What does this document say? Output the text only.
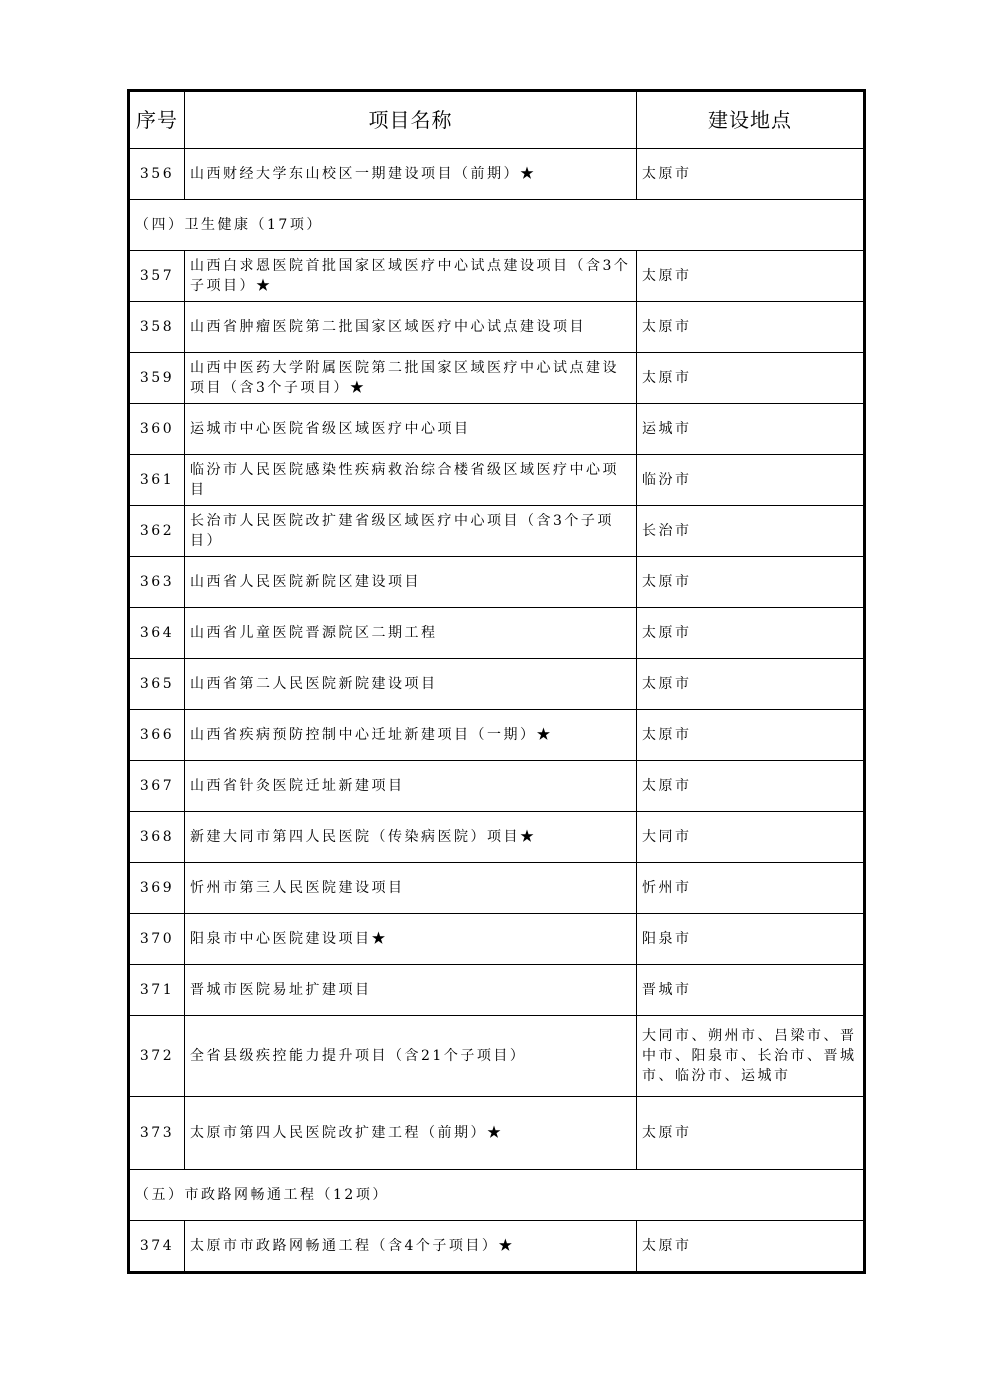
序号	项目名称	建设地点
356	山西财经大学东山校区一期建设项目（前期）★	太原市
（四）卫生健康（17项）		
357	山西白求恩医院首批国家区域医疗中心试点建设项目（含3个子项目）★	太原市
358	山西省肿瘤医院第二批国家区域医疗中心试点建设项目	太原市
359	山西中医药大学附属医院第二批国家区域医疗中心试点建设项目（含3个子项目）★	太原市
360	运城市中心医院省级区域医疗中心项目	运城市
361	临汾市人民医院感染性疾病救治综合楼省级区域医疗中心项目	临汾市
362	长治市人民医院改扩建省级区域医疗中心项目（含3个子项目）	长治市
363	山西省人民医院新院区建设项目	太原市
364	山西省儿童医院晋源院区二期工程	太原市
365	山西省第二人民医院新院建设项目	太原市
366	山西省疾病预防控制中心迁址新建项目（一期）★	太原市
367	山西省针灸医院迁址新建项目	太原市
368	新建大同市第四人民医院（传染病医院）项目★	大同市
369	忻州市第三人民医院建设项目	忻州市
370	阳泉市中心医院建设项目★	阳泉市
371	晋城市医院易址扩建项目	晋城市
372	全省县级疾控能力提升项目（含21个子项目）	大同市、朔州市、吕梁市、晋中市、阳泉市、长治市、晋城市、临汾市、运城市
373	太原市第四人民医院改扩建工程（前期）★	太原市
（五）市政路网畅通工程（12项）		
374	太原市市政路网畅通工程（含4个子项目）★	太原市
